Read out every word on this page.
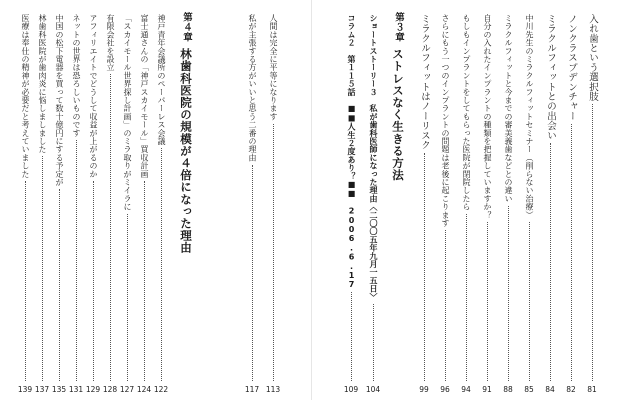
入れ歯という選択肢
81
ノンクラスプデンチャー
82
ミラクルフィットとの出会い
84
中川先生のミラクルフィットセミナー（削らない治療）
85
ミラクルフィットと今までの審美義歯などとの違い
88
自分の入れたインプラントの種類を把握していますか？
91
もしもインプラントをしてもらった医院が閉院したら
94
さらにもう一つのインプラントの問題は老後に起こります
96
ミラクルフィットはノーリスク
99
第３章
ストレスなく生きる方法
ショートストーリー３　私が歯科医師になった理由〈二〇〇五年九月一五日〉
104
コラム２　第１１５話　■■人生２度あり？■■　2006.6.17
109
人間は完全に平等になります
113
私が主張する方がいいと思う二番の理由
117
第４章
林歯科医院の規模が４倍になった理由
神戸青年会議所のペーパーレス会議
122
富士通さんの「神戸スカイモール」買収計画
124
「スカイモール世界探し計画」のミラ取りがミイラに
127
有限会社を設立
128
アフィリエイトでどうして収益が上がるのか
129
ネットの世界は恐ろしいものです
131
中国の松下電器を買って数十億円にする予定が
135
林歯科医院が歯肉炎に悩しましました
137
医療は奉仕の精神が必要だと考えていました
139
